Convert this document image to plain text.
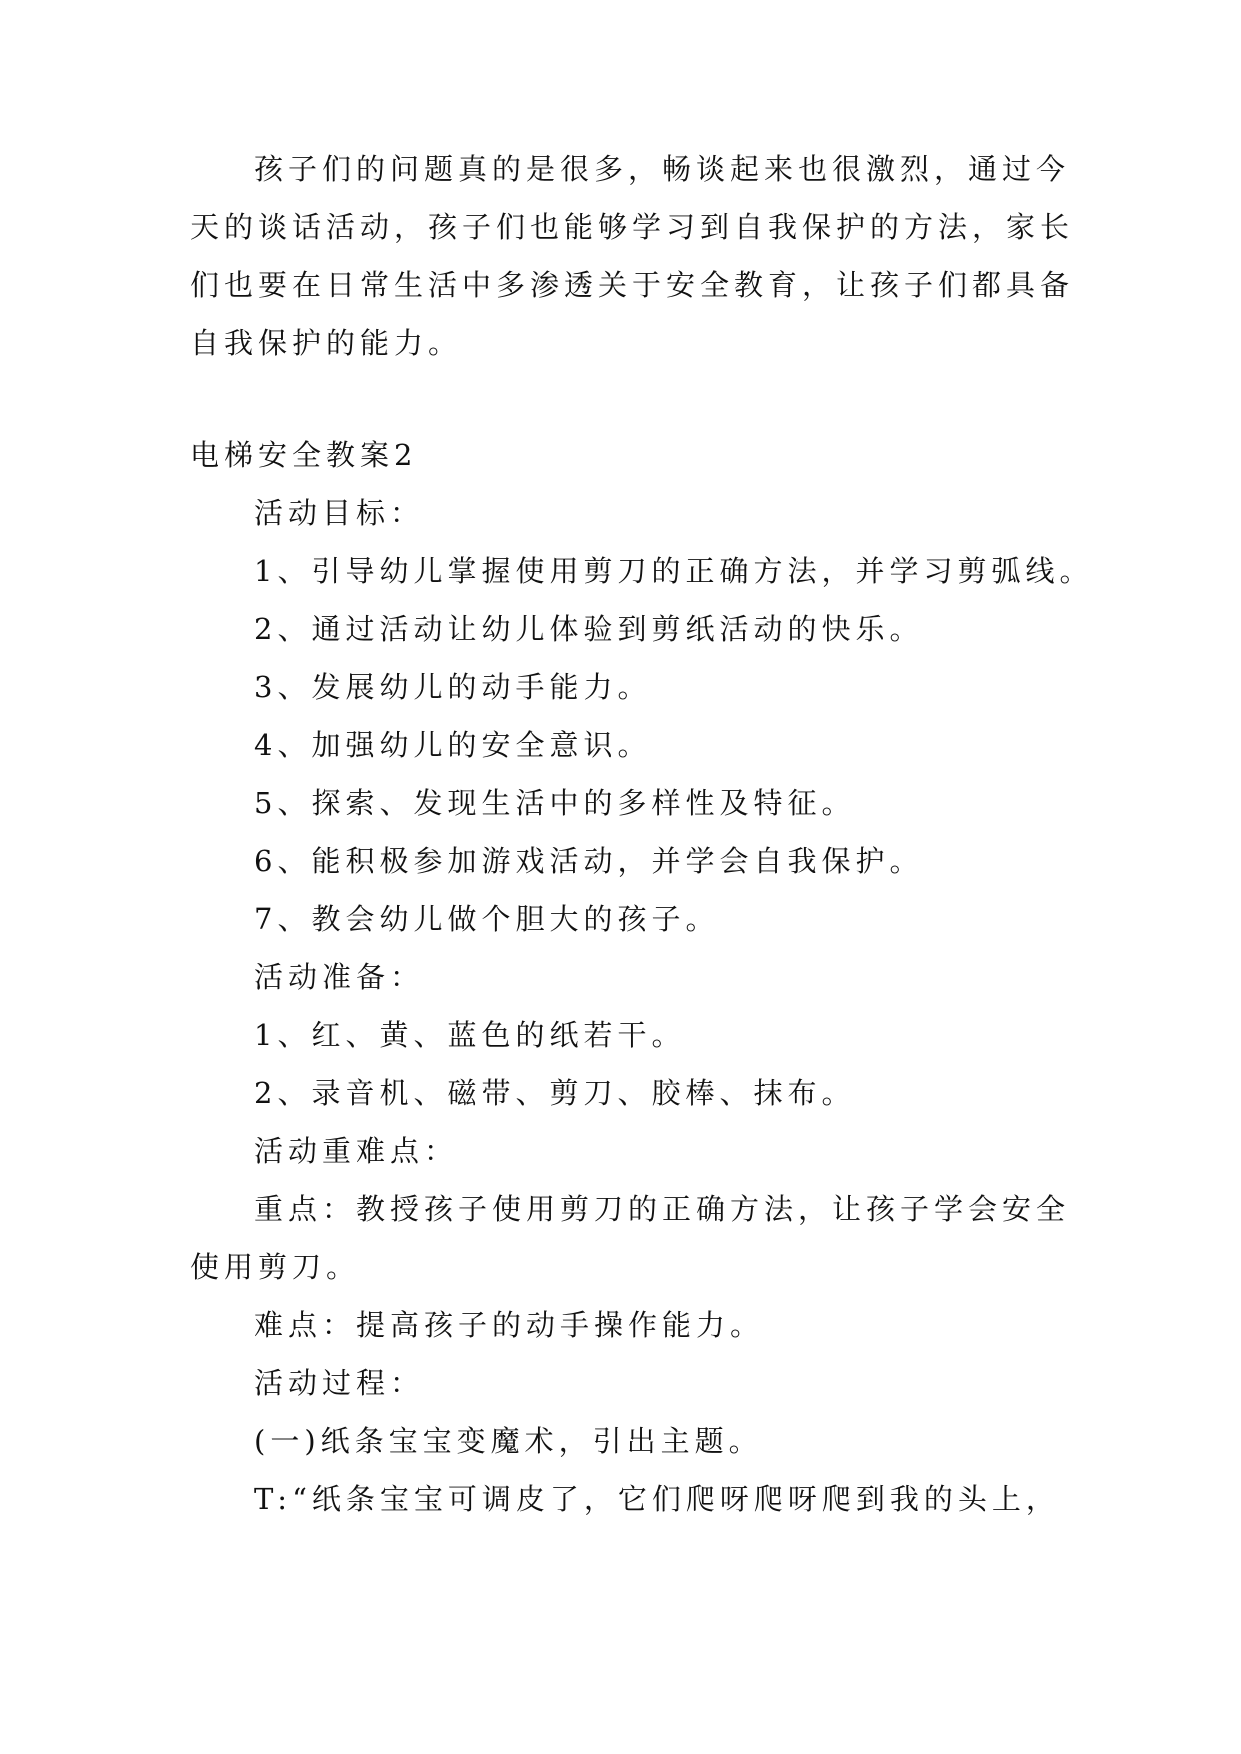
孩子们的问题真的是很多，畅谈起来也很激烈，通过今
天的谈话活动，孩子们也能够学习到自我保护的方法，家长
们也要在日常生活中多渗透关于安全教育，让孩子们都具备
自我保护的能力。
电梯安全教案2
活动目标：
1、引导幼儿掌握使用剪刀的正确方法，并学习剪弧线。
2、通过活动让幼儿体验到剪纸活动的快乐。
3、发展幼儿的动手能力。
4、加强幼儿的安全意识。
5、探索、发现生活中的多样性及特征。
6、能积极参加游戏活动，并学会自我保护。
7、教会幼儿做个胆大的孩子。
活动准备：
1、红、黄、蓝色的纸若干。
2、录音机、磁带、剪刀、胶棒、抹布。
活动重难点：
重点：教授孩子使用剪刀的正确方法，让孩子学会安全
使用剪刀。
难点：提高孩子的动手操作能力。
活动过程：
(一)纸条宝宝变魔术，引出主题。
T:“纸条宝宝可调皮了，它们爬呀爬呀爬到我的头上，
